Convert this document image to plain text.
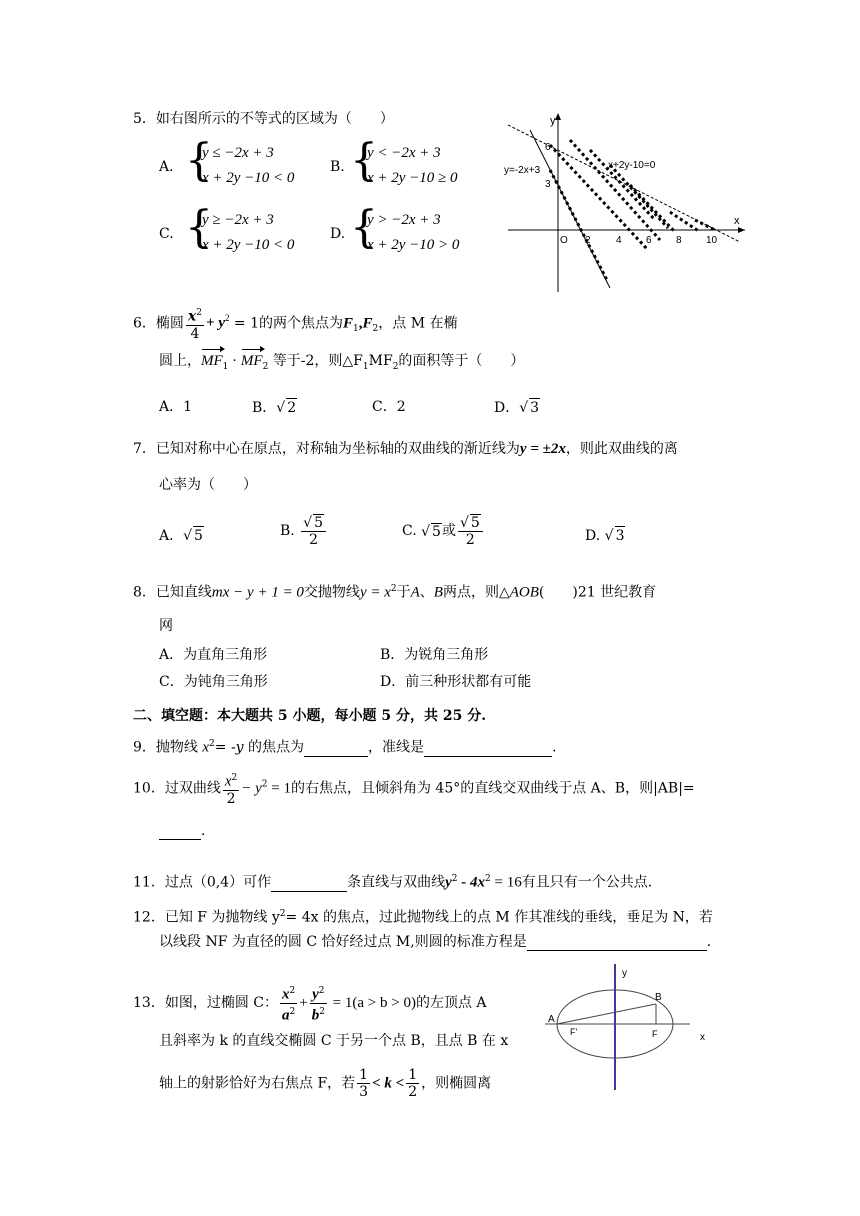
5．如右图所示的不等式的区域为（　　）
A. {
y ≤ −2x + 3
x + 2y −10 < 0
B. {
y < −2x + 3
x + 2y −10 ≥ 0
C. {
y ≥ −2x + 3
x + 2y −10 < 0
D. {
y > −2x + 3
x + 2y −10 > 0
y
x
O
y=-2x+3	x+2y-10=0
6
3
2	4 6 8 10
6．椭圆 $\frac{x^2}{4} + y^2 = 1$的两个焦点为$F_1,F_2$，点 M 在椭
圆上，$MF_1 \cdot MF_2$ 等于-2，则$\triangle F_1MF_2$的面积等于（　　）
A．1	B．√ 2	C．2	D．√ 3
7．已知对称中心在原点，对称轴为坐标轴的双曲线的渐近线为y = ±2x，则此双曲线的离
心率为（　　）
A．√ 5	B. $\frac{√ 5}{2}$	C. √ 5或 $\frac{√ 5}{2}$	D. √ 3
8．已知直线mx − y + 1 = 0交抛物线$y = x^2$于A、B两点，则△AOB(　　)21 世纪教育
网
A．为直角三角形	B．为锐角三角形
C．为钝角三角形	D．前三种形状都有可能
二、填空题：本大题共 5 小题，每小题 5 分，共 25 分.
9．抛物线 $x^2= -y$ 的焦点为	，准线是	.
10．过双曲线 $\frac{x^2}{2} - y^2 = 1$的右焦点，且倾斜角为 45°的直线交双曲线于点 A、B，则|AB|=
.
11．过点（0,4）可作	条直线与双曲线$y^2 - 4x^2 = 16$有且只有一个公共点.
12．已知 F 为抛物线 $y^2= 4x$ 的焦点，过此抛物线上的点 M 作其准线的垂线，垂足为 N，若
以线段 NF 为直径的圆 C 恰好经过点 M,则圆的标准方程是	.
13．如图，过椭圆 C： $\frac{x^2}{a^2} + \frac{y^2}{b^2} = 1(a > b > 0)$的左顶点 A
且斜率为 k 的直线交椭圆 C 于另一个点 B，且点 B 在 x
轴上的射影恰好为右焦点 F，若 $\frac{1}{3} < k < \frac{1}{2}$ ，则椭圆离
y
x
A
B
F
F'
